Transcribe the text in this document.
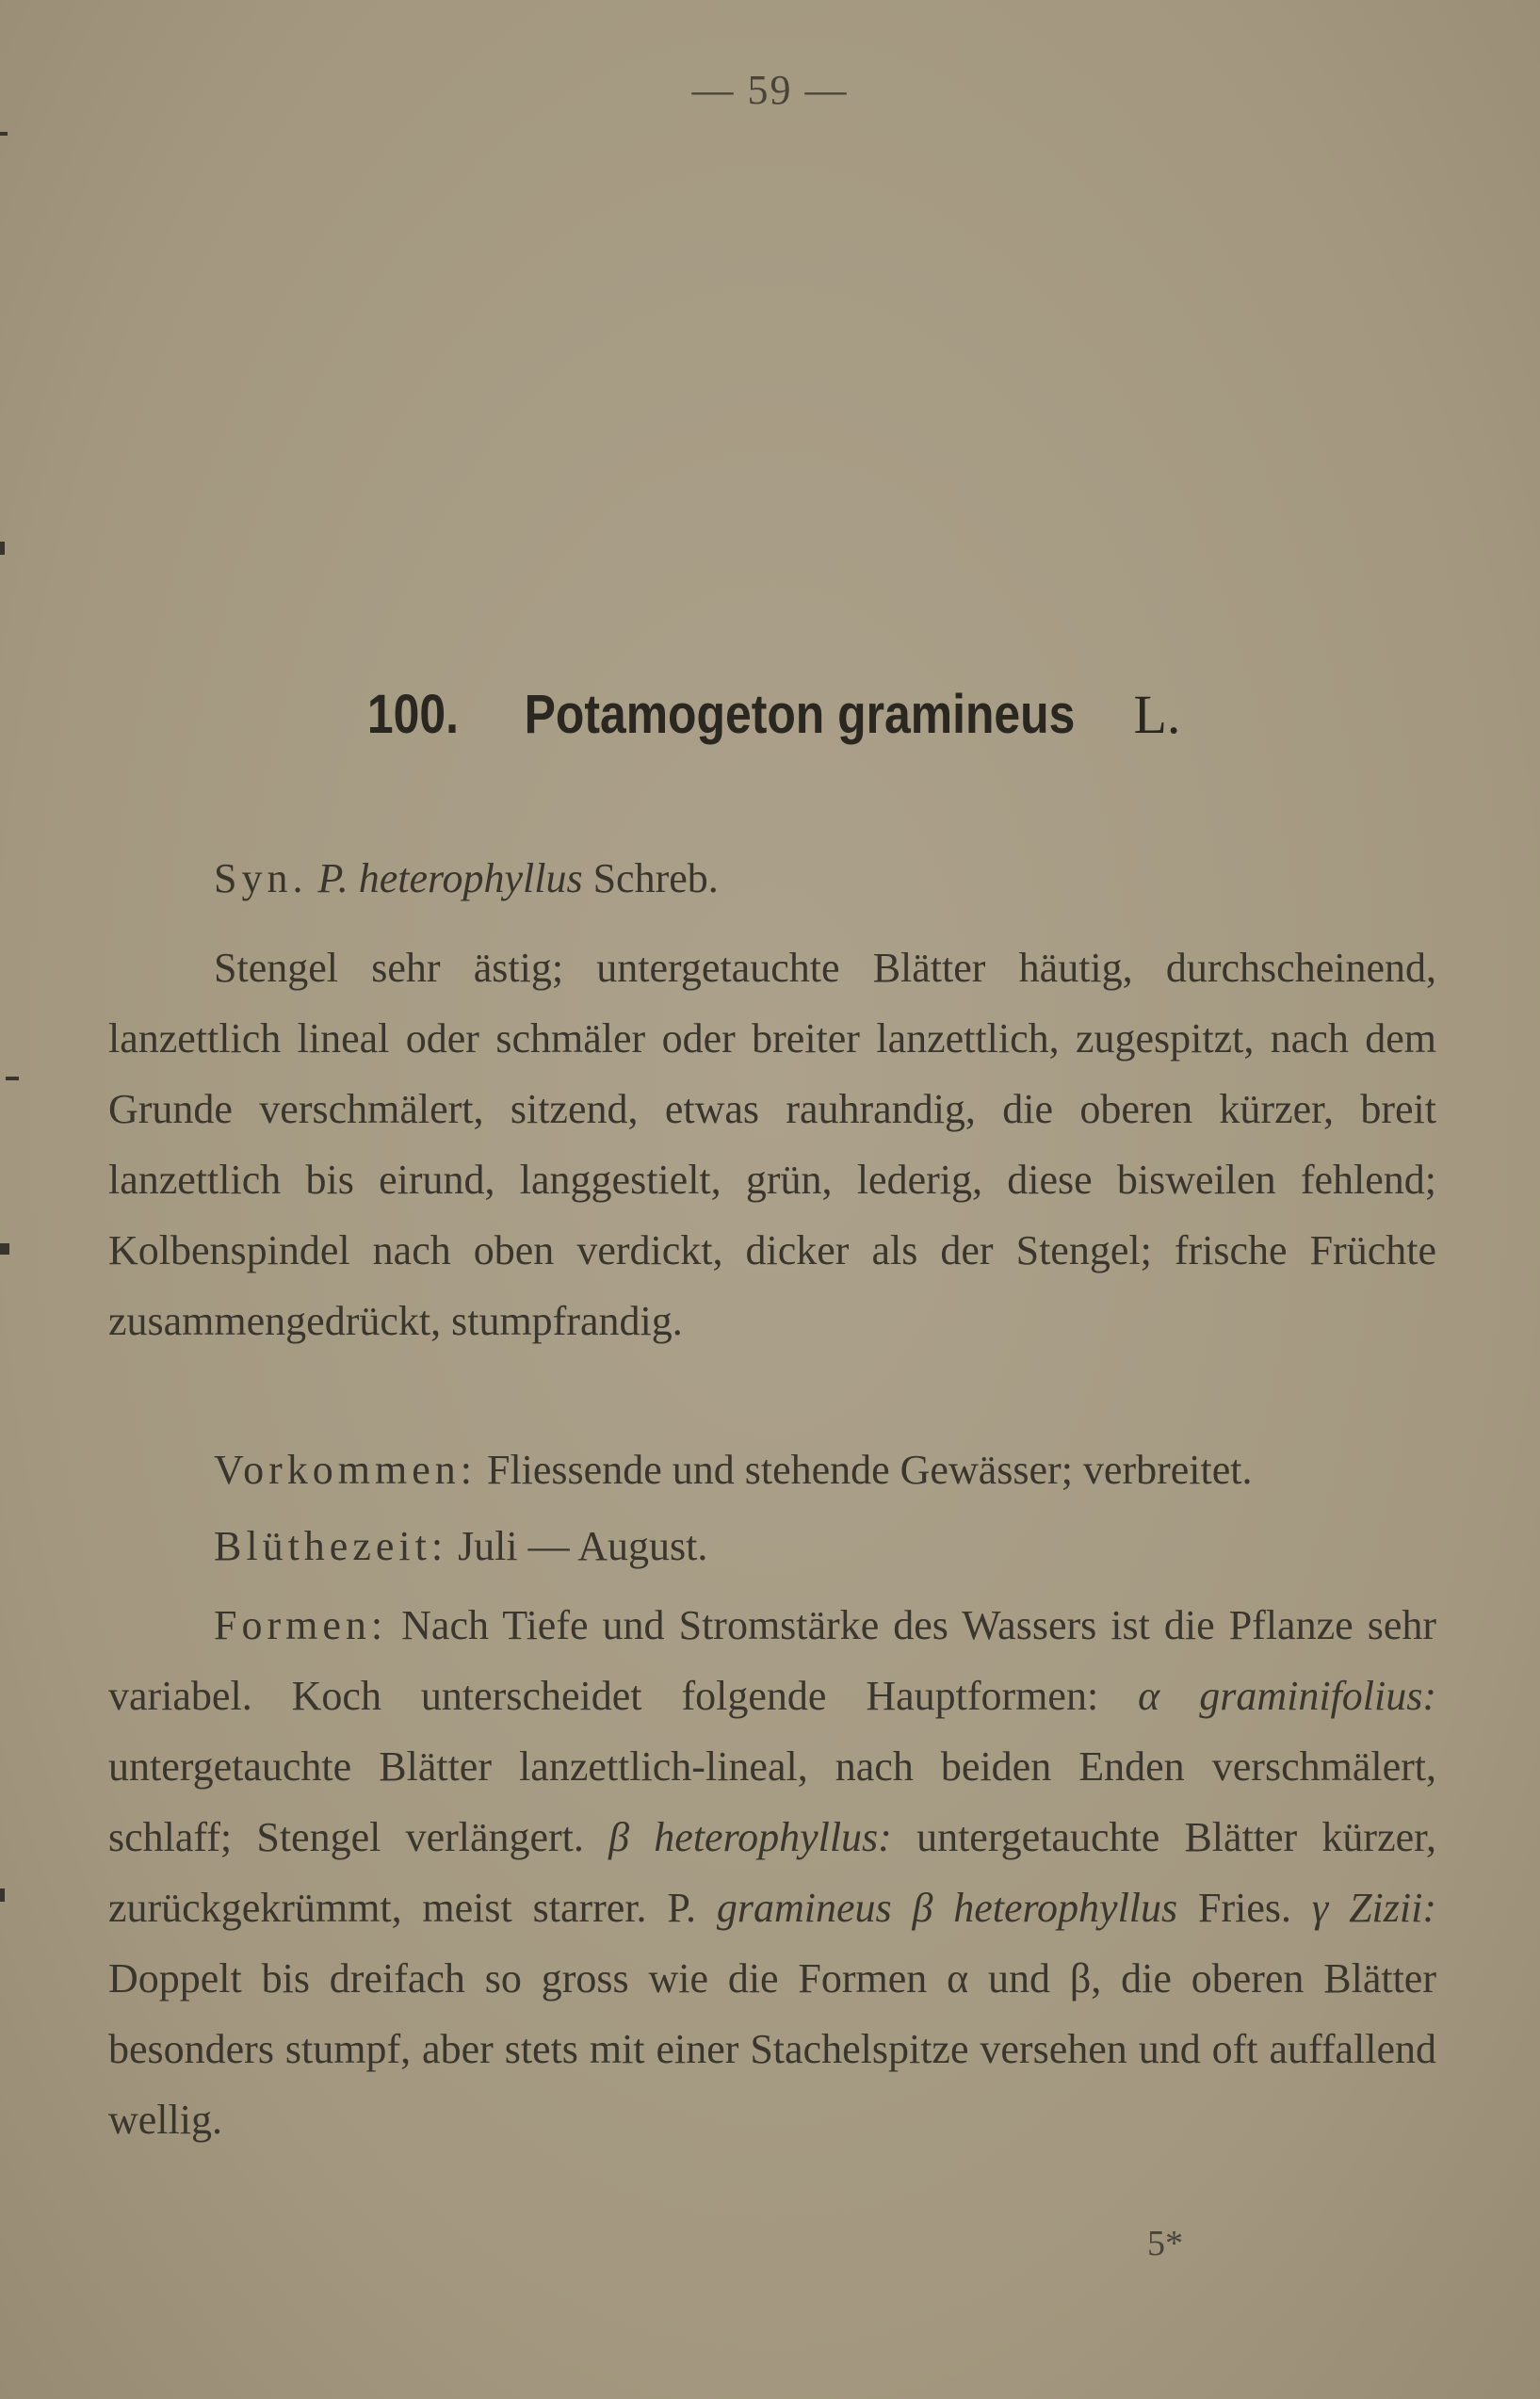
— 59 —
100. Potamogeton gramineus L.

Syn. P. heterophyllus Schreb.

Stengel sehr ästig; untergetauchte Blätter häutig, durchscheinend, lanzettlich lineal oder schmäler oder breiter lanzettlich, zugespitzt, nach dem Grunde verschmälert, sitzend, etwas rauhrandig, die oberen kürzer, breit lanzettlich bis eirund, langgestielt, grün, lederig, diese bisweilen fehlend; Kolbenspindel nach oben verdickt, dicker als der Stengel; frische Früchte zusammengedrückt, stumpfrandig.

Vorkommen: Fliessende und stehende Gewässer; verbreitet.

Blüthezeit: Juli — August.

Formen: Nach Tiefe und Stromstärke des Wassers ist die Pflanze sehr variabel. Koch unterscheidet folgende Hauptformen: α graminifolius: untergetauchte Blätter lanzettlich-lineal, nach beiden Enden verschmälert, schlaff; Stengel verlängert. β heterophyllus: untergetauchte Blätter kürzer, zurückgekrümmt, meist starrer. P. gramineus β heterophyllus Fries. γ Zizii: Doppelt bis dreifach so gross wie die Formen α und β, die oberen Blätter besonders stumpf, aber stets mit einer Stachelspitze versehen und oft auffallend wellig.

5*
